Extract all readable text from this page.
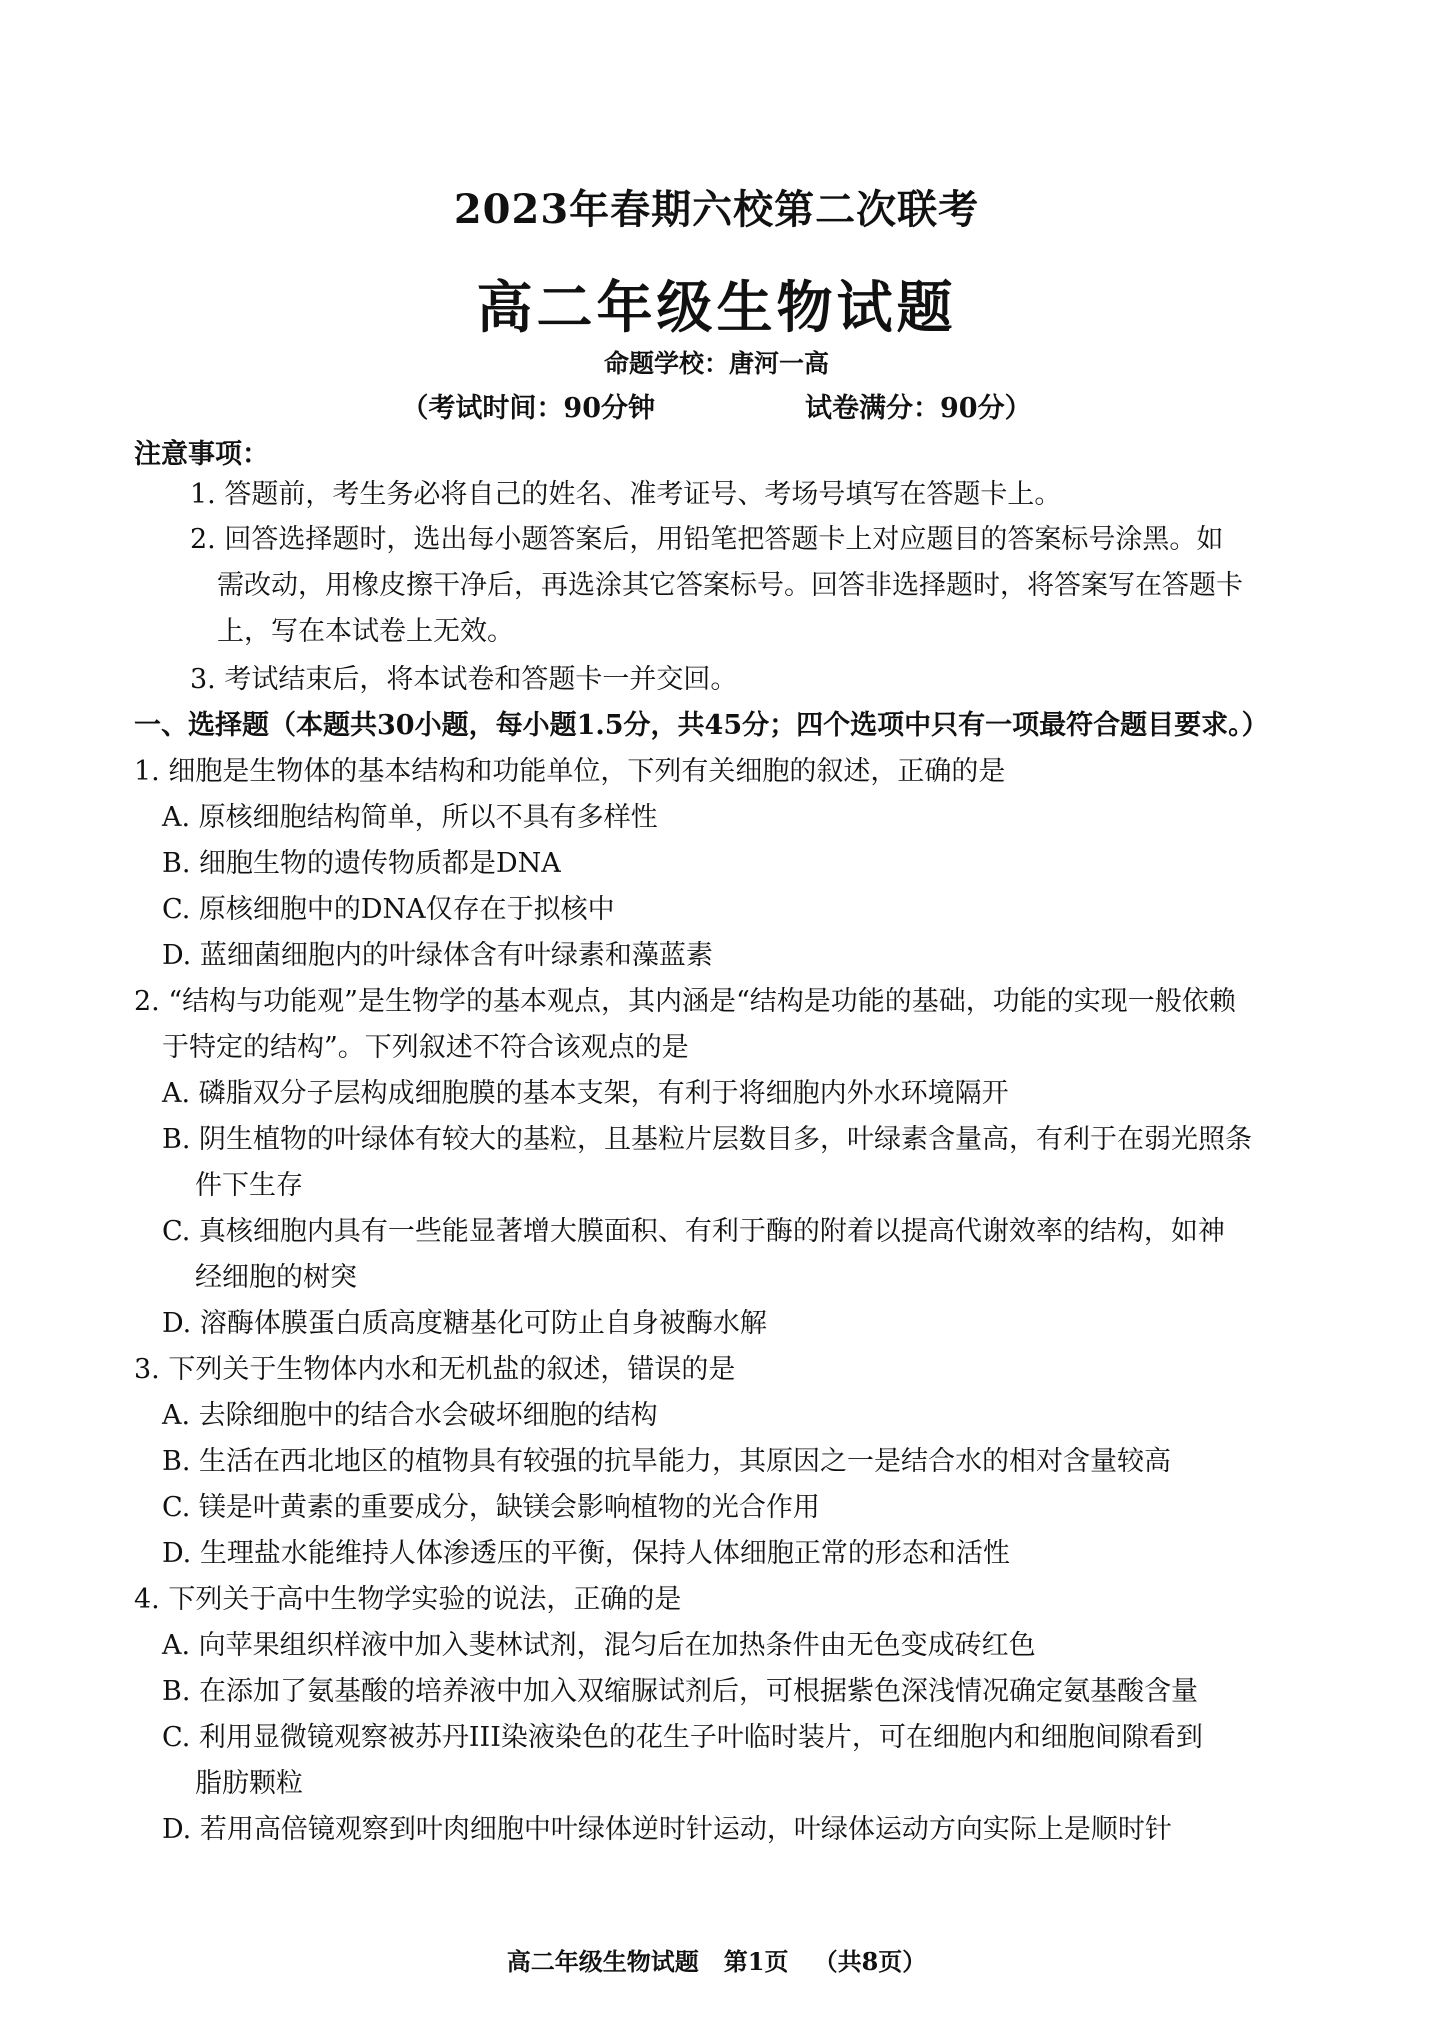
2023年春期六校第二次联考
高二年级生物试题
命题学校：唐河一高
（考试时间：90分钟	试卷满分：90分）
注意事项：
1. 答题前，考生务必将自己的姓名、准考证号、考场号填写在答题卡上。
2. 回答选择题时，选出每小题答案后，用铅笔把答题卡上对应题目的答案标号涂黑。如
需改动，用橡皮擦干净后，再选涂其它答案标号。回答非选择题时，将答案写在答题卡
上，写在本试卷上无效。
3. 考试结束后，将本试卷和答题卡一并交回。
一、选择题（本题共30小题，每小题1.5分，共45分；四个选项中只有一项最符合题目要求。）
1. 细胞是生物体的基本结构和功能单位，下列有关细胞的叙述，正确的是
A. 原核细胞结构简单，所以不具有多样性
B. 细胞生物的遗传物质都是DNA
C. 原核细胞中的DNA仅存在于拟核中
D. 蓝细菌细胞内的叶绿体含有叶绿素和藻蓝素
2. “结构与功能观”是生物学的基本观点，其内涵是“结构是功能的基础，功能的实现一般依赖
于特定的结构”。下列叙述不符合该观点的是
A. 磷脂双分子层构成细胞膜的基本支架，有利于将细胞内外水环境隔开
B. 阴生植物的叶绿体有较大的基粒，且基粒片层数目多，叶绿素含量高，有利于在弱光照条
件下生存
C. 真核细胞内具有一些能显著增大膜面积、有利于酶的附着以提高代谢效率的结构，如神
经细胞的树突
D. 溶酶体膜蛋白质高度糖基化可防止自身被酶水解
3. 下列关于生物体内水和无机盐的叙述，错误的是
A. 去除细胞中的结合水会破坏细胞的结构
B. 生活在西北地区的植物具有较强的抗旱能力，其原因之一是结合水的相对含量较高
C. 镁是叶黄素的重要成分，缺镁会影响植物的光合作用
D. 生理盐水能维持人体渗透压的平衡，保持人体细胞正常的形态和活性
4. 下列关于高中生物学实验的说法，正确的是
A. 向苹果组织样液中加入斐林试剂，混匀后在加热条件由无色变成砖红色
B. 在添加了氨基酸的培养液中加入双缩脲试剂后，可根据紫色深浅情况确定氨基酸含量
C. 利用显微镜观察被苏丹III染液染色的花生子叶临时装片，可在细胞内和细胞间隙看到
脂肪颗粒
D. 若用高倍镜观察到叶肉细胞中叶绿体逆时针运动，叶绿体运动方向实际上是顺时针
高二年级生物试题 第1页 （共8页）
